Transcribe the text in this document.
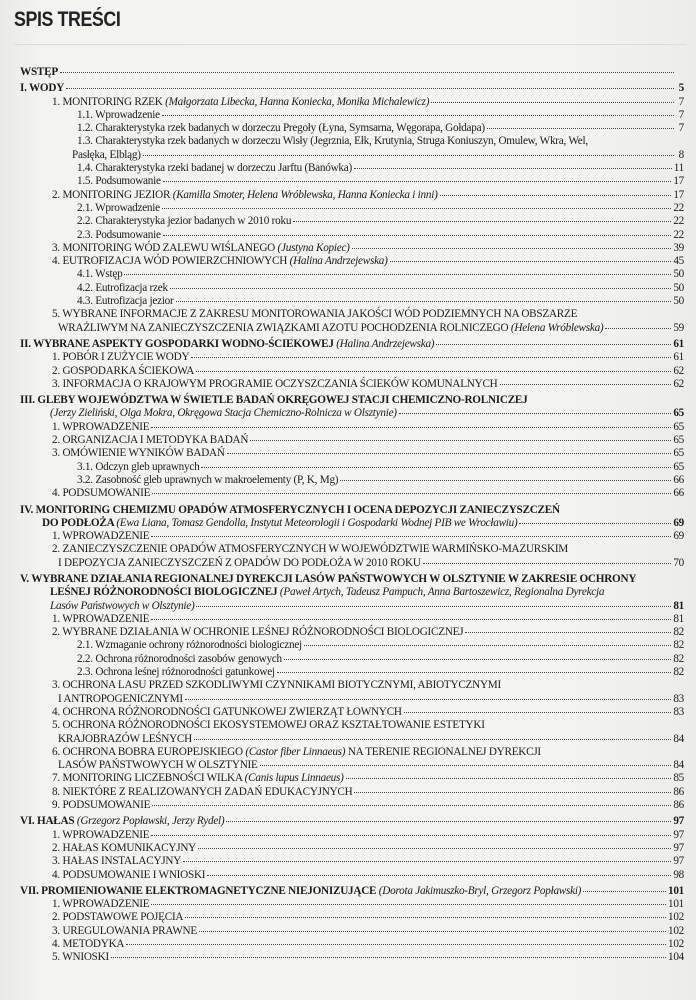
SPIS TREŚCI
WSTĘP
I. WODY	5
1. MONITORING RZEK (Małgorzata Libecka, Hanna Koniecka, Monika Michalewicz)	7
1.1. Wprowadzenie	7
1.2. Charakterystyka rzek badanych w dorzeczu Pregoły (Łyna, Symsarna, Węgorapa, Gołdapa)	7
1.3. Charakterystyka rzek badanych w dorzeczu Wisły (Jegrznia, Ełk, Krutynia, Struga Koniuszyn, Omulew, Wkra, Wel,
Pasłęka, Elbląg)	8
1.4. Charakterystyka rzeki badanej w dorzeczu Jarftu (Banówka)	11
1.5. Podsumowanie	17
2. MONITORING JEZIOR (Kamilla Smoter, Helena Wróblewska, Hanna Koniecka i inni)	17
2.1. Wprowadzenie	22
2.2. Charakterystyka jezior badanych w 2010 roku	22
2.3. Podsumowanie	22
3. MONITORING WÓD ZALEWU WIŚLANEGO (Justyna Kopiec)	39
4. EUTROFIZACJA WÓD POWIERZCHNIOWYCH (Halina Andrzejewska)	45
4.1. Wstęp	50
4.2. Eutrofizacja rzek	50
4.3. Eutrofizacja jezior	50
5. WYBRANE INFORMACJE Z ZAKRESU MONITOROWANIA JAKOŚCI WÓD PODZIEMNYCH NA OBSZARZE
WRAŻLIWYM NA ZANIECZYSZCZENIA ZWIĄZKAMI AZOTU POCHODZENIA ROLNICZEGO (Helena Wróblewska)	59
II. WYBRANE ASPEKTY GOSPODARKI WODNO-ŚCIEKOWEJ (Halina Andrzejewska)	61
1. POBÓR I ZUŻYCIE WODY	61
2. GOSPODARKA ŚCIEKOWA	62
3. INFORMACJA O KRAJOWYM PROGRAMIE OCZYSZCZANIA ŚCIEKÓW KOMUNALNYCH	62
III. GLEBY WOJEWÓDZTWA W ŚWIETLE BADAŃ OKRĘGOWEJ STACJI CHEMICZNO-ROLNICZEJ
(Jerzy Zieliński, Olga Mokra, Okręgowa Stacja Chemiczno-Rolnicza w Olsztynie)	65
1. WPROWADZENIE	65
2. ORGANIZACJA I METODYKA BADAŃ	65
3. OMÓWIENIE WYNIKÓW BADAŃ	65
3.1. Odczyn gleb uprawnych	65
3.2. Zasobność gleb uprawnych w makroelementy (P, K, Mg)	66
4. PODSUMOWANIE	66
IV. MONITORING CHEMIZMU OPADÓW ATMOSFERYCZNYCH I OCENA DEPOZYCJI ZANIECZYSZCZEŃ
DO PODŁOŻA (Ewa Liana, Tomasz Gendolla, Instytut Meteorologii i Gospodarki Wodnej PIB we Wrocławiu)	69
1. WPROWADZENIE	69
2. ZANIECZYSZCZENIE OPADÓW ATMOSFERYCZNYCH W WOJEWÓDZTWIE WARMIŃSKO-MAZURSKIM
I DEPOZYCJA ZANIECZYSZCZEŃ Z OPADÓW DO PODŁOŻA W 2010 ROKU	70
V. WYBRANE DZIAŁANIA REGIONALNEJ DYREKCJI LASÓW PAŃSTWOWYCH W OLSZTYNIE W ZAKRESIE OCHRONY
LEŚNEJ RÓŻNORODNOŚCI BIOLOGICZNEJ (Paweł Artych, Tadeusz Pampuch, Anna Bartoszewicz, Regionalna Dyrekcja
Lasów Państwowych w Olsztynie)	81
1. WPROWADZENIE	81
2. WYBRANE DZIAŁANIA W OCHRONIE LEŚNEJ RÓŻNORODNOŚCI BIOLOGICZNEJ	82
2.1. Wzmaganie ochrony różnorodności biologicznej	82
2.2. Ochrona różnorodności zasobów genowych	82
2.3. Ochrona leśnej różnorodności gatunkowej	82
3. OCHRONA LASU PRZED SZKODLIWYMI CZYNNIKAMI BIOTYCZNYMI, ABIOTYCZNYMI
I ANTROPOGENICZNYMI	83
4. OCHRONA RÓŻNORODNOŚCI GATUNKOWEJ ZWIERZĄT ŁOWNYCH	83
5. OCHRONA RÓŻNORODNOŚCI EKOSYSTEMOWEJ ORAZ KSZTAŁTOWANIE ESTETYKI
KRAJOBRAZÓW LEŚNYCH	84
6. OCHRONA BOBRA EUROPEJSKIEGO (Castor fiber Linnaeus) NA TERENIE REGIONALNEJ DYREKCJI
LASÓW PAŃSTWOWYCH W OLSZTYNIE	84
7. MONITORING LICZEBNOŚCI WILKA (Canis lupus Linnaeus)	85
8. NIEKTÓRE Z REALIZOWANYCH ZADAŃ EDUKACYJNYCH	86
9. PODSUMOWANIE	86
VI. HAŁAS (Grzegorz Popławski, Jerzy Rydel)	97
1. WPROWADZENIE	97
2. HAŁAS KOMUNIKACYJNY	97
3. HAŁAS INSTALACYJNY	97
4. PODSUMOWANIE I WNIOSKI	98
VII. PROMIENIOWANIE ELEKTROMAGNETYCZNE NIEJONIZUJĄCE (Dorota Jakimuszko-Bryl, Grzegorz Popławski)	101
1. WPROWADZENIE	101
2. PODSTAWOWE POJĘCIA	102
3. UREGULOWANIA PRAWNE	102
4. METODYKA	102
5. WNIOSKI	104
